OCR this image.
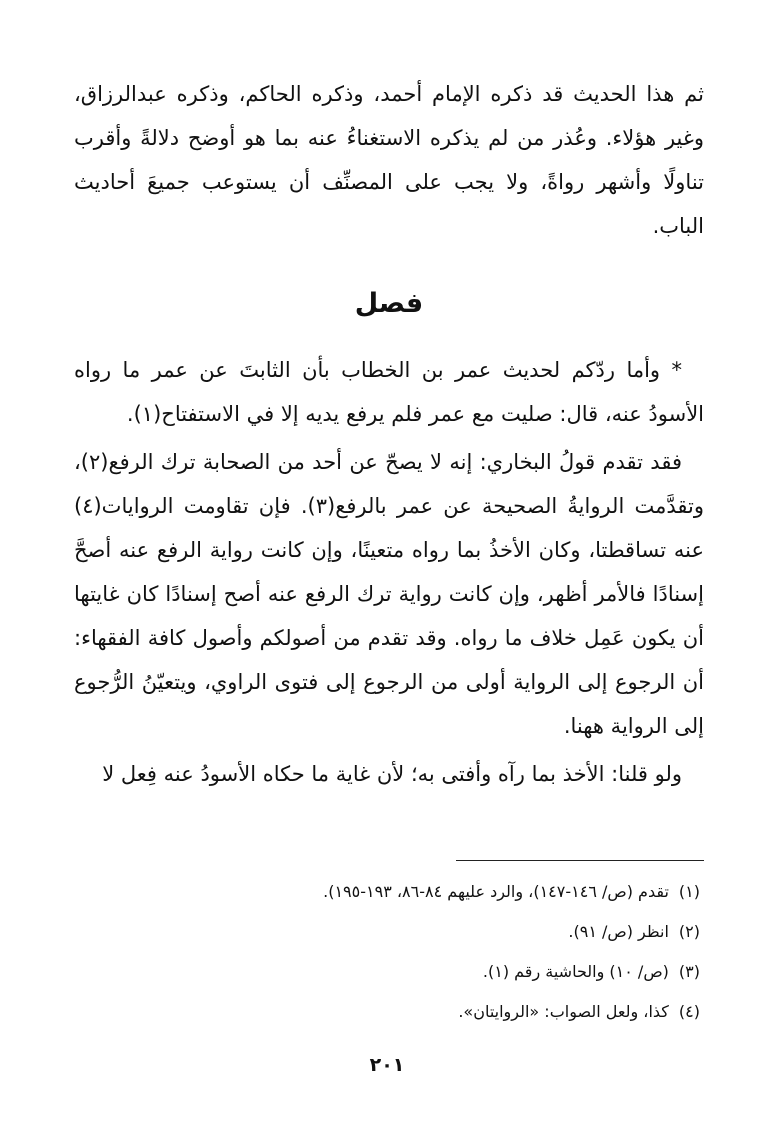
ثم هذا الحديث قد ذكره الإمام أحمد، وذكره الحاكم، وذكره عبدالرزاق، وغير هؤلاء. وعُذر من لم يذكره الاستغناءُ عنه بما هو أوضح دلالةً وأقرب تناولًا وأشهر رواةً، ولا يجب على المصنِّف أن يستوعب جميعَ أحاديث الباب.

فصل

* وأما ردّكم لحديث عمر بن الخطاب بأن الثابتَ عن عمر ما رواه الأسودُ عنه، قال: صليت مع عمر فلم يرفع يديه إلا في الاستفتاح(١).

فقد تقدم قولُ البخاري: إنه لا يصحّ عن أحد من الصحابة ترك الرفع(٢)، وتقدَّمت الروايةُ الصحيحة عن عمر بالرفع(٣). فإن تقاومت الروايات(٤) عنه تساقطتا، وكان الأخذُ بما رواه متعينًا، وإن كانت رواية الرفع عنه أصحَّ إسنادًا فالأمر أظهر، وإن كانت رواية ترك الرفع عنه أصح إسنادًا كان غايتها أن يكون عَمِل خلاف ما رواه. وقد تقدم من أصولكم وأصول كافة الفقهاء: أن الرجوع إلى الرواية أولى من الرجوع إلى فتوى الراوي، ويتعيّنُ الرُّجوع إلى الرواية ههنا.

ولو قلنا: الأخذ بما رآه وأفتى به؛ لأن غاية ما حكاه الأسودُ عنه فِعل لا

(١)تقدم (ص/ ١٤٦-١٤٧)، والرد عليهم ٨٤-٨٦، ١٩٣-١٩٥).

(٢)انظر (ص/ ٩١).

(٣)(ص/ ١٠) والحاشية رقم (١).

(٤)كذا، ولعل الصواب: «الروايتان».

٢٠١
